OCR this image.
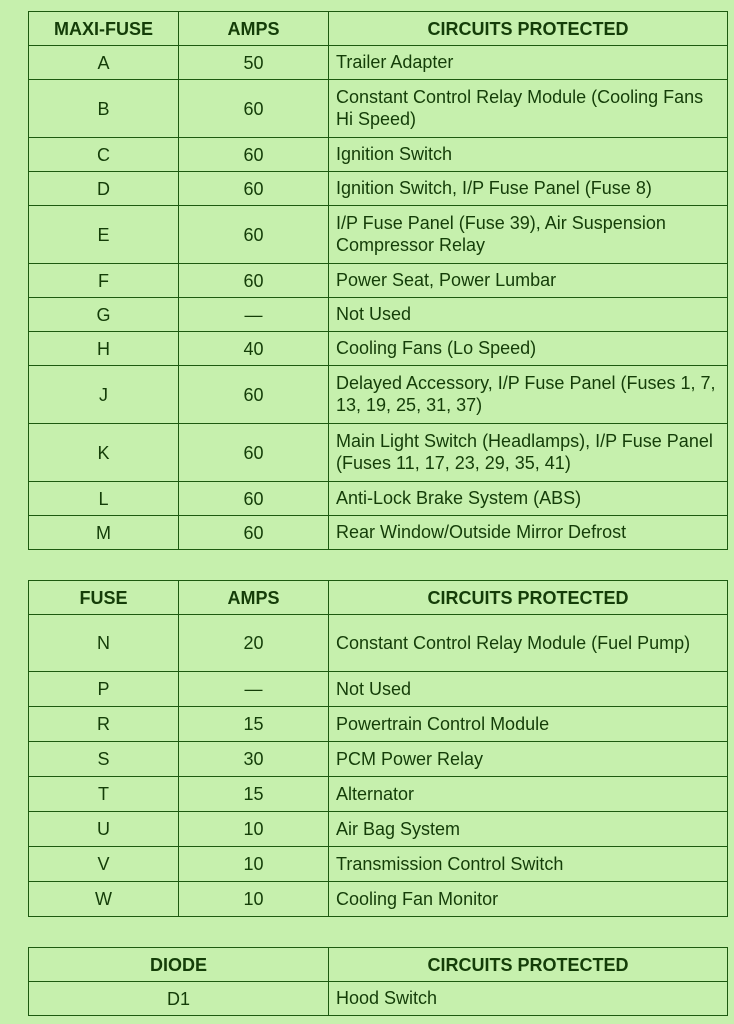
MAXI-FUSE	AMPS	CIRCUITS PROTECTED
A	50	Trailer Adapter
B	60	Constant Control Relay Module (Cooling Fans Hi Speed)
C	60	Ignition Switch
D	60	Ignition Switch, I/P Fuse Panel (Fuse 8)
E	60	I/P Fuse Panel (Fuse 39), Air Suspension Compressor Relay
F	60	Power Seat, Power Lumbar
G	—	Not Used
H	40	Cooling Fans (Lo Speed)
J	60	Delayed Accessory, I/P Fuse Panel (Fuses 1, 7, 13, 19, 25, 31, 37)
K	60	Main Light Switch (Headlamps), I/P Fuse Panel (Fuses 11, 17, 23, 29, 35, 41)
L	60	Anti-Lock Brake System (ABS)
M	60	Rear Window/Outside Mirror Defrost
FUSE	AMPS	CIRCUITS PROTECTED
N	20	Constant Control Relay Module (Fuel Pump)
P	—	Not Used
R	15	Powertrain Control Module
S	30	PCM Power Relay
T	15	Alternator
U	10	Air Bag System
V	10	Transmission Control Switch
W	10	Cooling Fan Monitor
DIODE	CIRCUITS PROTECTED
D1	Hood Switch
